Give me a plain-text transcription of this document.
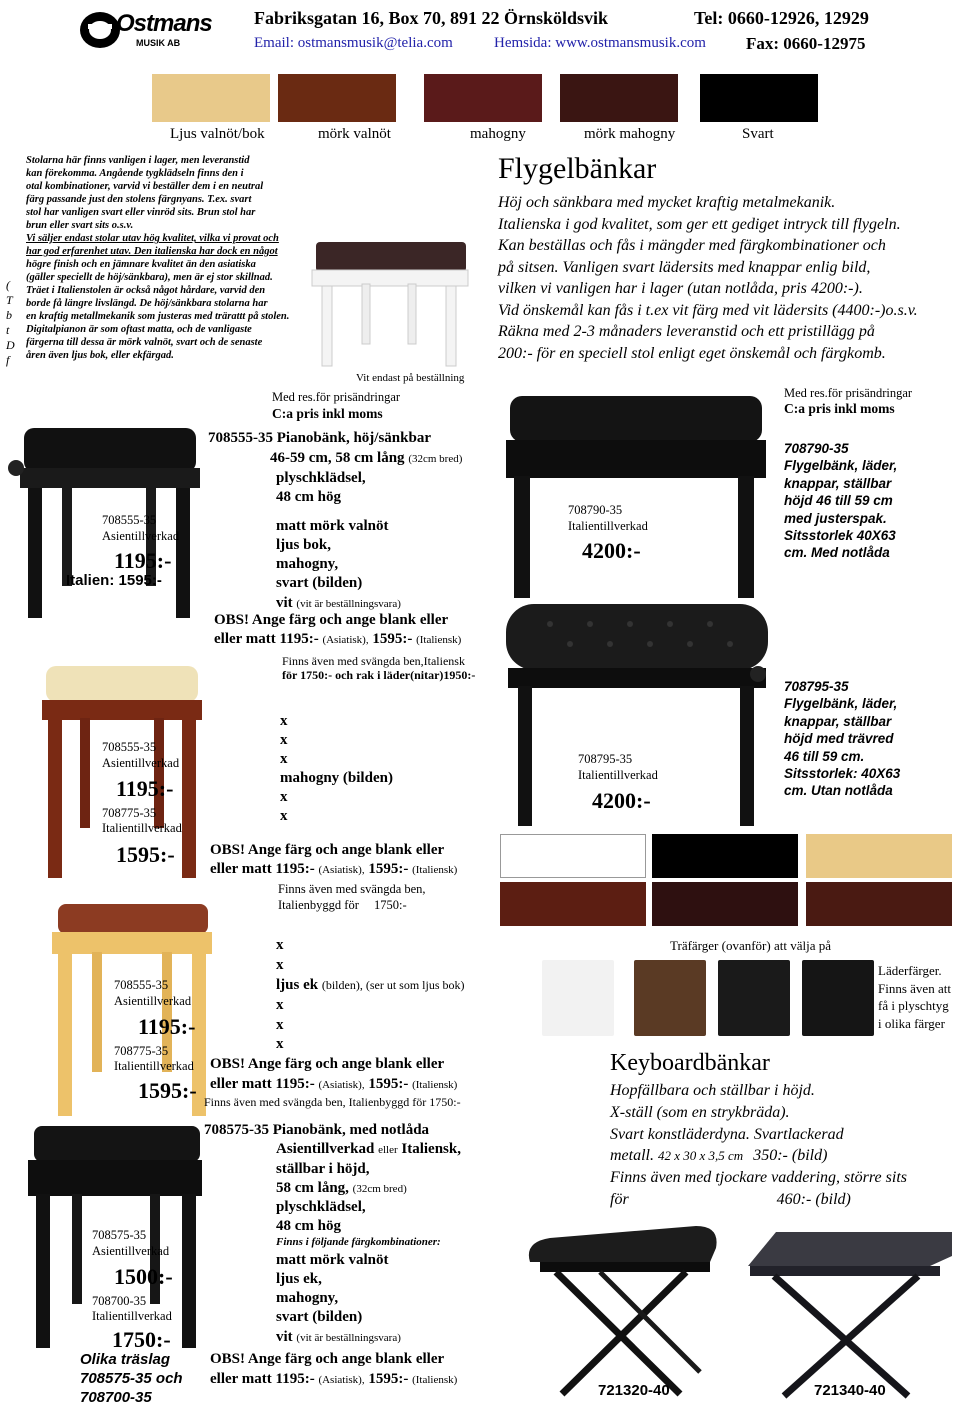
Ostmans
MUSIK AB
Fabriksgatan 16, Box 70, 891 22 Örnsköldsvik	Tel: 0660-12926, 12929
Email: ostmansmusik@telia.com	Hemsida: www.ostmansmusik.com Fax: 0660-12975
Ljus valnöt/bok	mörk valnöt	mahogny	mörk mahogny	Svart
(
T
b
t
D
f
Stolarna här finns vanligen i lager, men leveranstid
kan förekomma. Angående tygklädseln finns den i
otal kombinationer, varvid vi beställer dem i en neutral
färg passande just den stolens färgnyans. T.ex. svart
stol har vanligen svart eller vinröd sits. Brun stol har
brun eller svart sits o.s.v.
Vi säljer endast stolar utav hög kvalitet, vilka vi provat och
har god erfarenhet utav. Den italienska har dock en något
högre finish och en jämnare kvalitet än den asiatiska
(gäller speciellt de höj/sänkbara), men är ej stor skillnad.
Träet i Italienstolen är också något hårdare, varvid den
borde få längre livslängd. De höj/sänkbara stolarna har
en kraftig metallmekanik som justeras med trärattt på stolen.
Digitalpianon är som oftast matta, och de vanligaste
färgerna till dessa är mörk valnöt, svart och de senaste
åren även ljus bok, eller ekfärgad.
Vit endast på beställning
Med res.för prisändringar
C:a pris inkl moms
Flygelbänkar
Höj och sänkbara med mycket kraftig metalmekanik.
Italienska i god kvalitet, som ger ett gediget intryck till flygeln.
Kan beställas och fås i mängder med färgkombinationer och
på sitsen. Vanligen svart lädersits med knappar enlig bild,
vilken vi vanligen har i lager (utan notlåda, pris 4200:-).
Vid önskemål kan fås i t.ex vit färg med vit lädersits (4400:-)o.s.v.
Räkna med 2-3 månaders leveranstid och ett pristillägg på
200:- för en speciell stol enligt eget önskemål och färgkomb.
Med res.för prisändringar
C:a pris inkl moms
708555-35
Asientillverkad
1195:-
Italien: 1595:-
708555-35 Pianobänk, höj/sänkbar
46-59 cm, 58 cm lång (32cm bred)
plyschklädsel,
48 cm hög
matt mörk valnöt
ljus bok,
mahogny,
svart (bilden)
vit (vit är beställningsvara)
OBS! Ange färg och ange blank eller
eller matt 1195:- (Asiatisk), 1595:- (Italiensk)
Finns även med svängda ben,Italiensk
för 1750:- och rak i läder(nitar)1950:-
708555-35
Asientillverkad
1195:-
708775-35
Italientillverkad
1595:-
x
x
x
mahogny (bilden)
x
x
OBS! Ange färg och ange blank eller
eller matt 1195:- (Asiatisk), 1595:- (Italiensk)
Finns även med svängda ben,
Italienbyggd för 1750:-
708555-35
Asientillverkad
1195:-
708775-35
Italientillverkad
1595:-
x
x
ljus ek (bilden), (ser ut som ljus bok)
x
x
x
OBS! Ange färg och ange blank eller
eller matt 1195:- (Asiatisk), 1595:- (Italiensk)
Finns även med svängda ben, Italienbyggd för 1750:-
708575-35
Asientillverkad
1500:-
708700-35
Italientillverkad
1750:-
Olika träslag
708575-35 och
708700-35
708575-35 Pianobänk, med notlåda
Asientillverkad eller Italiensk,
ställbar i höjd,
58 cm lång, (32cm bred)
plyschklädsel,
48 cm hög
Finns i följande färgkombinationer:
matt mörk valnöt
ljus ek,
mahogny,
svart (bilden)
vit (vit är beställningsvara)
OBS! Ange färg och ange blank eller
eller matt 1195:- (Asiatisk), 1595:- (Italiensk)
708790-35
Italientillverkad
4200:-
708790-35
Flygelbänk, läder,
knappar, ställbar
höjd 46 till 59 cm
med justerspak.
Sitsstorlek 40X63
cm. Med notlåda
708795-35
Italientillverkad
4200:-
708795-35
Flygelbänk, läder,
knappar, ställbar
höjd med trävred
46 till 59 cm.
Sitsstorlek: 40X63
cm. Utan notlåda
Träfärger (ovanför) att välja på
Läderfärger.
Finns även att
få i plyschtyg
i olika färger
Keyboardbänkar
Hopfällbara och ställbar i höjd.
X-ställ (som en strykbräda).
Svart konstläderdyna. Svartlackerad
metall. 42 x 30 x 3,5 cm 350:- (bild)
Finns även med tjockare vaddering, större sits
för	460:- (bild)
721320-40	721340-40
